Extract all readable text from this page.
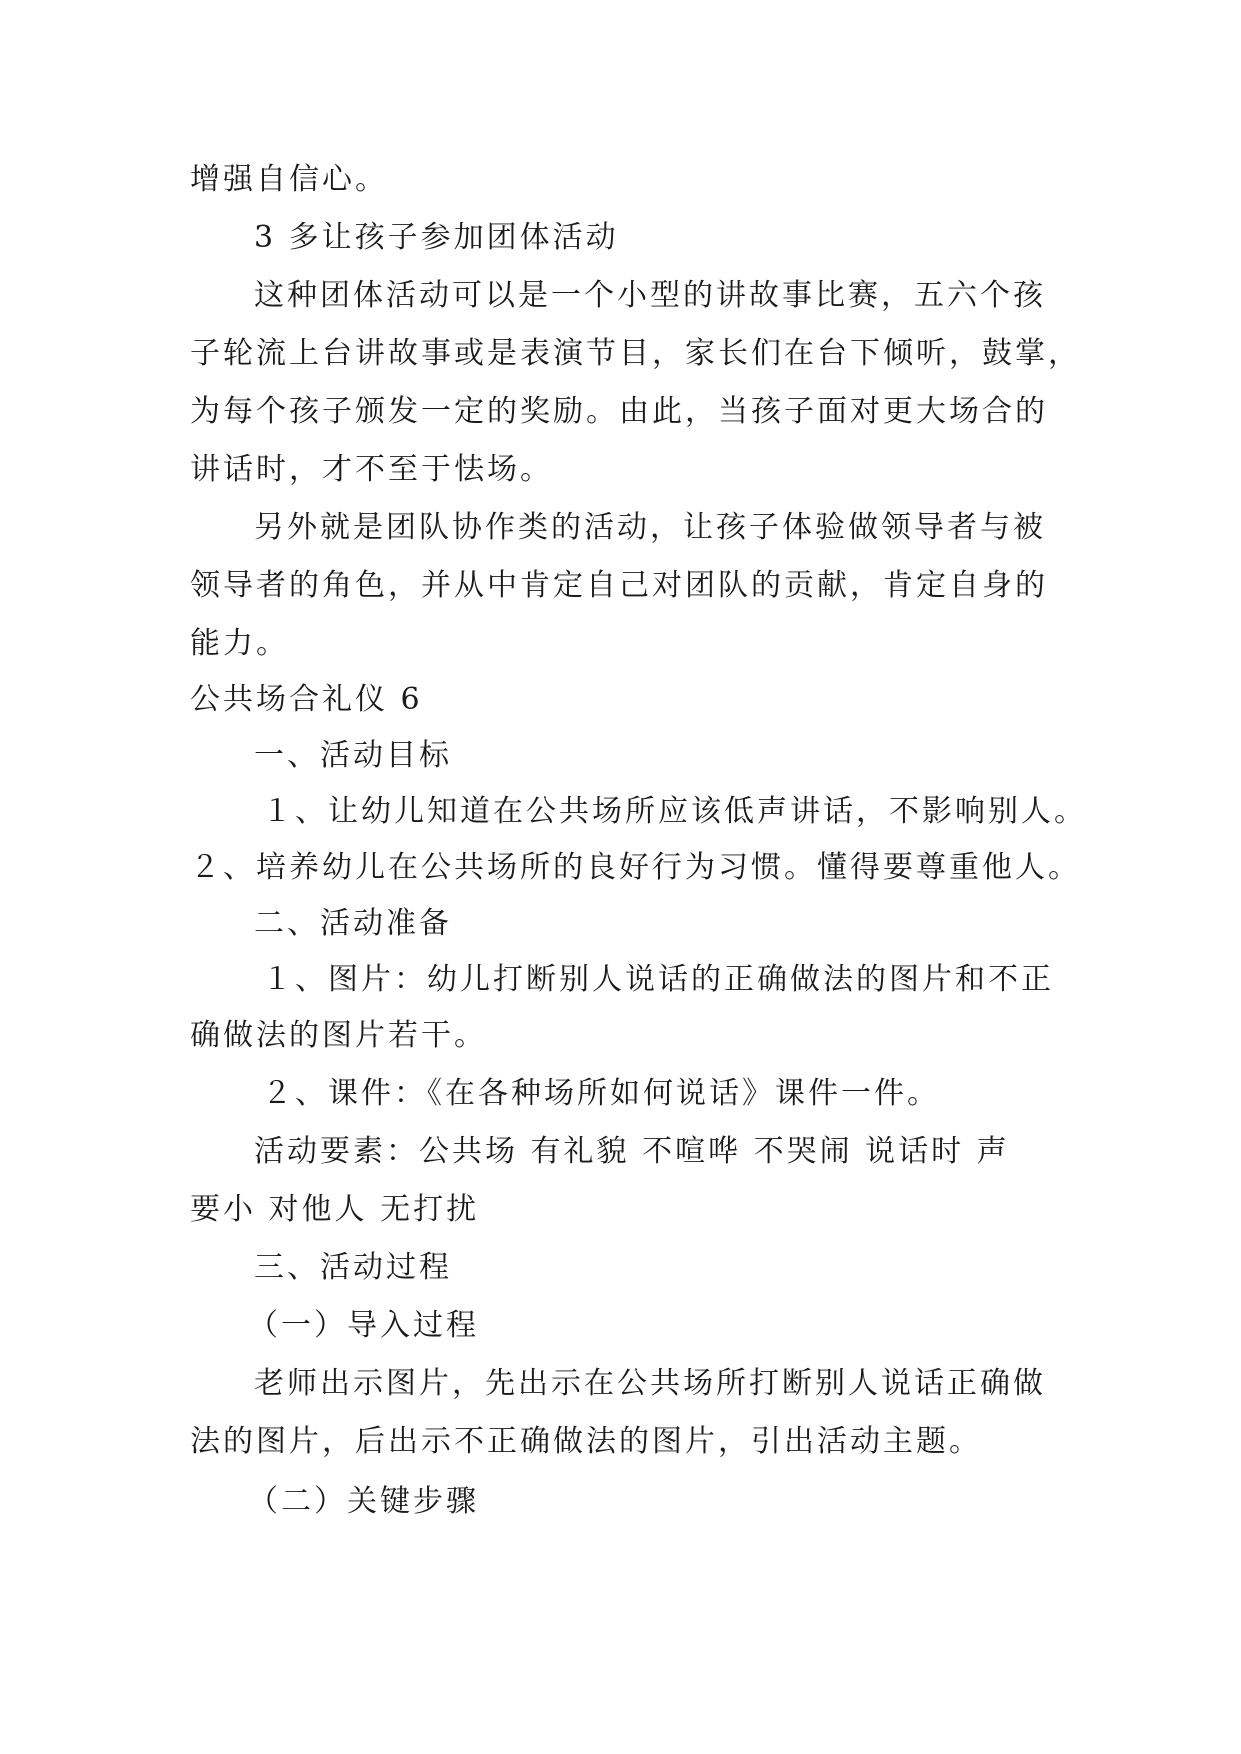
增强自信心。
3 多让孩子参加团体活动
这种团体活动可以是一个小型的讲故事比赛，五六个孩
子轮流上台讲故事或是表演节目，家长们在台下倾听，鼓掌，
为每个孩子颁发一定的奖励。由此，当孩子面对更大场合的
讲话时，才不至于怯场。
另外就是团队协作类的活动，让孩子体验做领导者与被
领导者的角色，并从中肯定自己对团队的贡献，肯定自身的
能力。
公共场合礼仪 6
一、活动目标
１、让幼儿知道在公共场所应该低声讲话，不影响别人。
２、培养幼儿在公共场所的良好行为习惯。懂得要尊重他人。
二、活动准备
１、图片：幼儿打断别人说话的正确做法的图片和不正
确做法的图片若干。
２、课件：《在各种场所如何说话》课件一件。
活动要素：公共场 有礼貌 不喧哗 不哭闹 说话时 声
要小 对他人 无打扰
三、活动过程
（一）导入过程
老师出示图片，先出示在公共场所打断别人说话正确做
法的图片，后出示不正确做法的图片，引出活动主题。
（二）关键步骤
